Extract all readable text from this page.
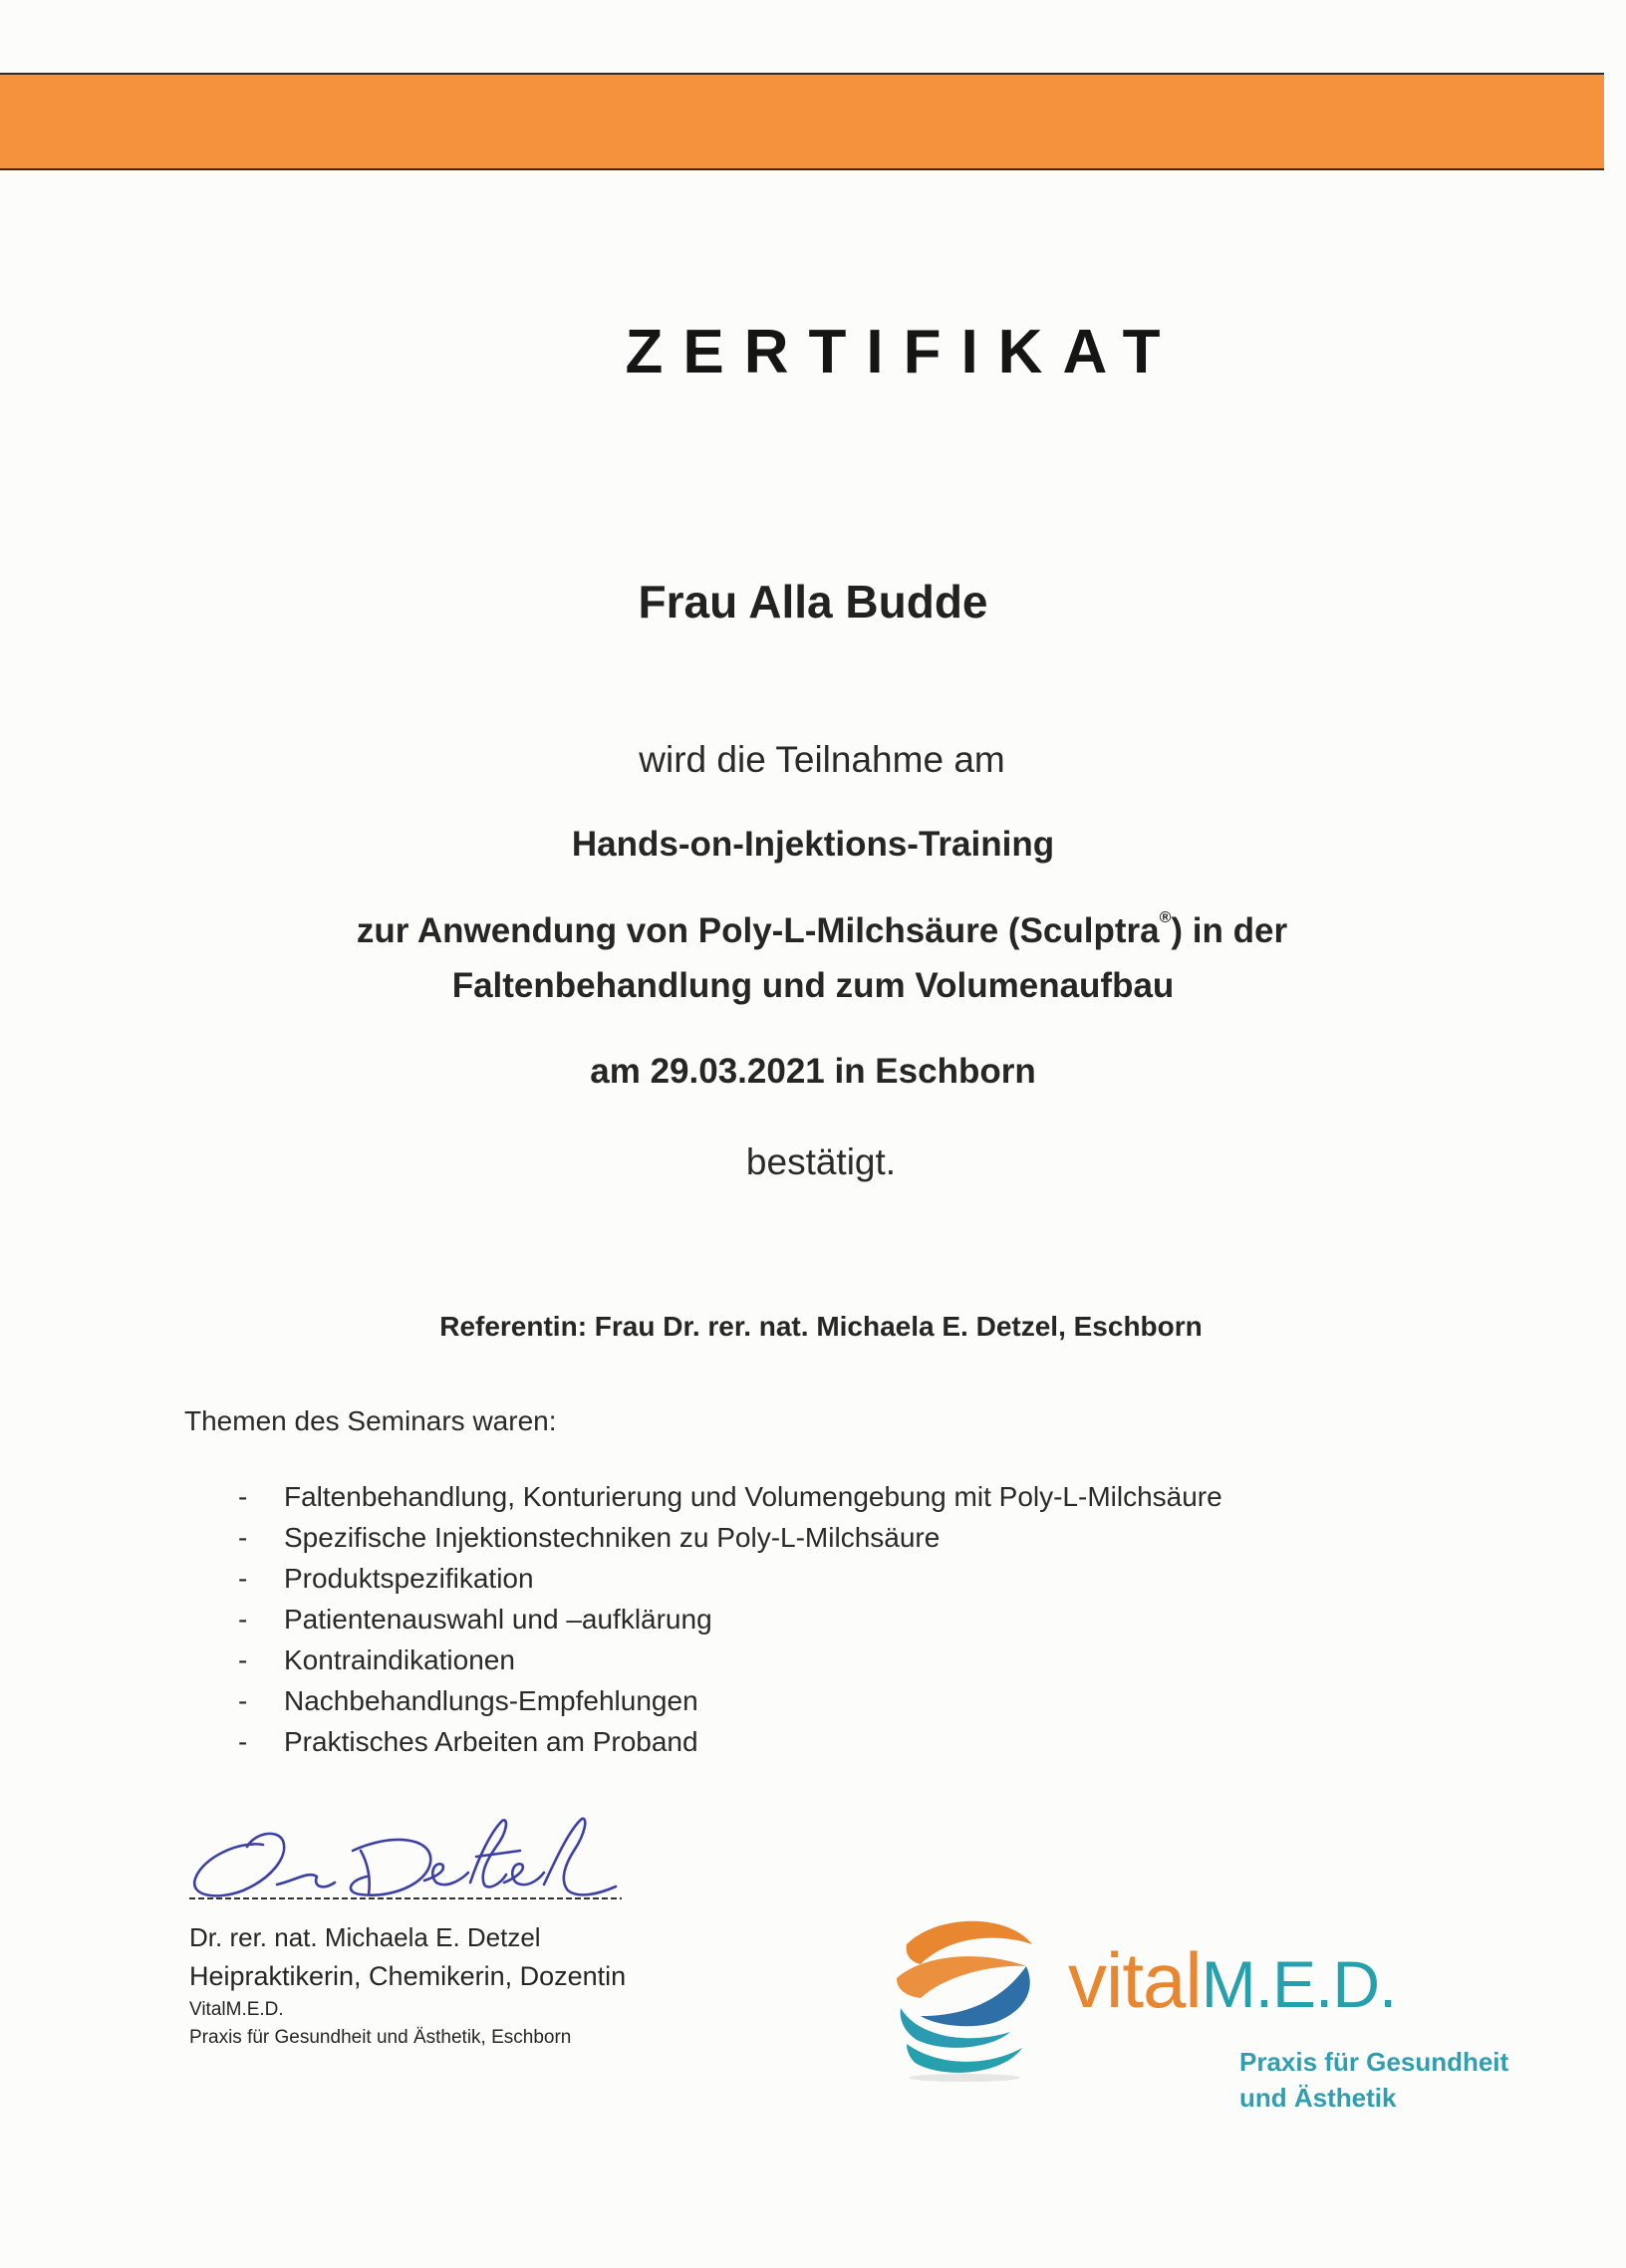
ZERTIFIKAT
Frau Alla Budde
wird die Teilnahme am
Hands-on-Injektions-Training
zur Anwendung von Poly-L-Milchsäure (Sculptra®) in der
Faltenbehandlung und zum Volumenaufbau
am 29.03.2021 in Eschborn
bestätigt.
Referentin: Frau Dr. rer. nat. Michaela E. Detzel, Eschborn
Themen des Seminars waren:
- Faltenbehandlung, Konturierung und Volumengebung mit Poly-L-Milchsäure
- Spezifische Injektionstechniken zu Poly-L-Milchsäure
- Produktspezifikation
- Patientenauswahl und –aufklärung
- Kontraindikationen
- Nachbehandlungs-Empfehlungen
- Praktisches Arbeiten am Proband
Dr. rer. nat. Michaela E. Detzel
Heipraktikerin, Chemikerin, Dozentin
VitalM.E.D.
Praxis für Gesundheit und Ästhetik, Eschborn
vitalM.E.D.
Praxis für Gesundheit
und Ästhetik
